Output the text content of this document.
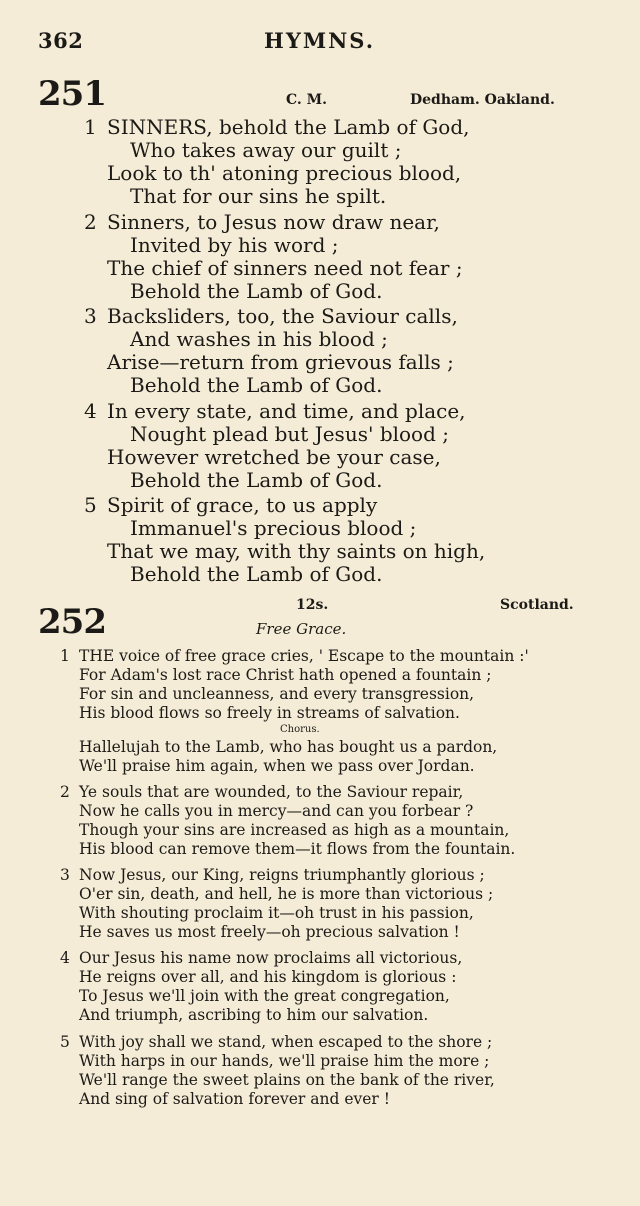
362	HYMNS.
251	C. M.	Dedham. Oakland.
1 SINNERS, behold the Lamb of God,
Who takes away our guilt ;
Look to th' atoning precious blood,
That for our sins he spilt.
2 Sinners, to Jesus now draw near,
Invited by his word ;
The chief of sinners need not fear ;
Behold the Lamb of God.
3 Backsliders, too, the Saviour calls,
And washes in his blood ;
Arise—return from grievous falls ;
Behold the Lamb of God.
4 In every state, and time, and place,
Nought plead but Jesus' blood ;
However wretched be your case,
Behold the Lamb of God.
5 Spirit of grace, to us apply
Immanuel's precious blood ;
That we may, with thy saints on high,
Behold the Lamb of God.
252	12s.	Scotland.
Free Grace.
1 THE voice of free grace cries, ' Escape to the mountain :'
For Adam's lost race Christ hath opened a fountain ;
For sin and uncleanness, and every transgression,
His blood flows so freely in streams of salvation.
Chorus.
Hallelujah to the Lamb, who has bought us a pardon,
We'll praise him again, when we pass over Jordan.
2 Ye souls that are wounded, to the Saviour repair,
Now he calls you in mercy—and can you forbear ?
Though your sins are increased as high as a mountain,
His blood can remove them—it flows from the fountain.
3 Now Jesus, our King, reigns triumphantly glorious ;
O'er sin, death, and hell, he is more than victorious ;
With shouting proclaim it—oh trust in his passion,
He saves us most freely—oh precious salvation !
4 Our Jesus his name now proclaims all victorious,
He reigns over all, and his kingdom is glorious :
To Jesus we'll join with the great congregation,
And triumph, ascribing to him our salvation.
5 With joy shall we stand, when escaped to the shore ;
With harps in our hands, we'll praise him the more ;
We'll range the sweet plains on the bank of the river,
And sing of salvation forever and ever !
